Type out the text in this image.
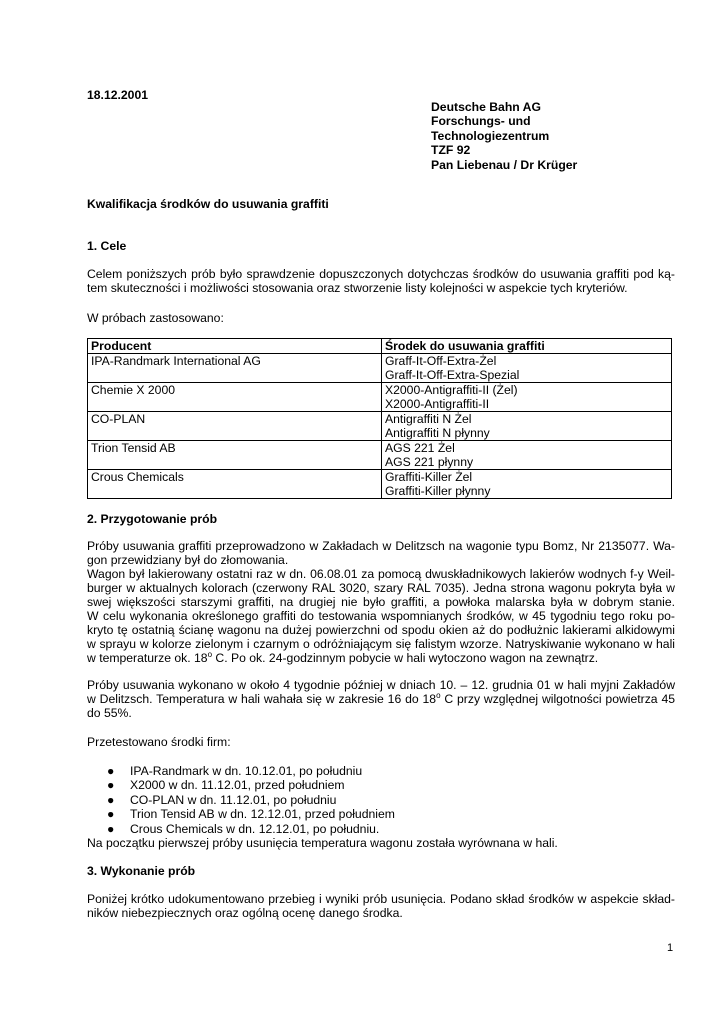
18.12.2001
Deutsche Bahn AG
Forschungs- und
Technologiezentrum
TZF 92
Pan Liebenau / Dr Krüger
Kwalifikacja środków do usuwania graffiti
1. Cele
Celem poniższych prób było sprawdzenie dopuszczonych dotychczas środków do usuwania graffiti pod ką-
tem skuteczności i możliwości stosowania oraz stworzenie listy kolejności w aspekcie tych kryteriów.
W próbach zastosowano:
Producent	Środek do usuwania graffiti

IPA-Randmark International AG	Graff-It-Off-Extra-Żel
Graff-It-Off-Extra-Spezial

Chemie X 2000	X2000-Antigraffiti-II (Żel)
X2000-Antigraffiti-II

CO-PLAN	Antigraffiti N Żel
Antigraffiti N płynny

Trion Tensid AB	AGS 221 Żel
AGS 221 płynny

Crous Chemicals	Graffiti-Killer Żel
Graffiti-Killer płynny
2. Przygotowanie prób
Próby usuwania graffiti przeprowadzono w Zakładach w Delitzsch na wagonie typu Bomz, Nr 2135077. Wa-
gon przewidziany był do złomowania.
Wagon był lakierowany ostatni raz w dn. 06.08.01 za pomocą dwuskładnikowych lakierów wodnych f-y Weil-
burger w aktualnych kolorach (czerwony RAL 3020, szary RAL 7035). Jedna strona wagonu pokryta była w
swej większości starszymi graffiti, na drugiej nie było graffiti, a powłoka malarska była w dobrym stanie.
W celu wykonania określonego graffiti do testowania wspomnianych środków, w 45 tygodniu tego roku po-
kryto tę ostatnią ścianę wagonu na dużej powierzchni od spodu okien aż do podłużnic lakierami alkidowymi
w sprayu w kolorze zielonym i czarnym o odróżniającym się falistym wzorze. Natryskiwanie wykonano w hali
w temperaturze ok. 18$^o$ C. Po ok. 24-godzinnym pobycie w hali wytoczono wagon na zewnątrz.
Próby usuwania wykonano w około 4 tygodnie później w dniach 10. – 12. grudnia 01 w hali myjni Zakładów
w Delitzsch. Temperatura w hali wahała się w zakresie 16 do 18$^o$ C przy względnej wilgotności powietrza 45
do 55%.
Przetestowano środki firm:
● IPA-Randmark w dn. 10.12.01, po południu
● X2000 w dn. 11.12.01, przed południem
● CO-PLAN w dn. 11.12.01, po południu
● Trion Tensid AB w dn. 12.12.01, przed południem
● Crous Chemicals w dn. 12.12.01, po południu.
Na początku pierwszej próby usunięcia temperatura wagonu została wyrównana w hali.
3. Wykonanie prób
Poniżej krótko udokumentowano przebieg i wyniki prób usunięcia. Podano skład środków w aspekcie skład-
ników niebezpiecznych oraz ogólną ocenę danego środka.
1
